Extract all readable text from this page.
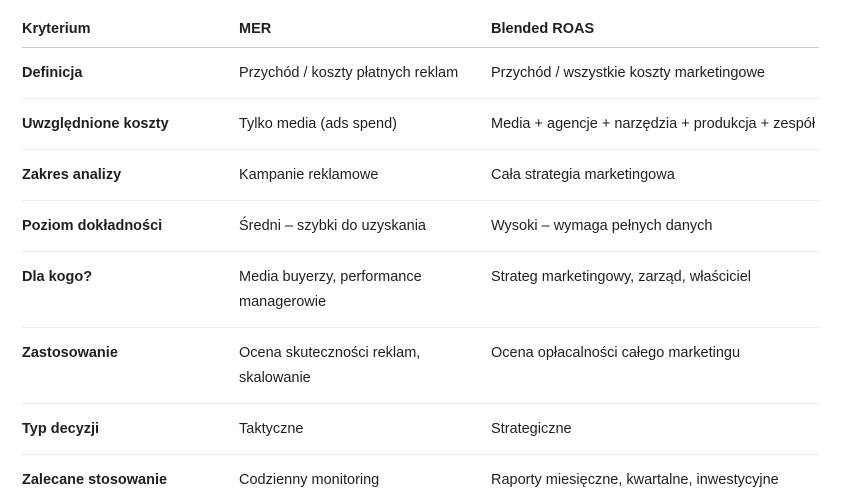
Kryterium	MER	Blended ROAS
Definicja	Przychód / koszty płatnych reklam	Przychód / wszystkie koszty marketingowe
Uwzględnione koszty	Tylko media (ads spend)	Media + agencje + narzędzia + produkcja + zespół
Zakres analizy	Kampanie reklamowe	Cała strategia marketingowa
Poziom dokładności	Średni – szybki do uzyskania	Wysoki – wymaga pełnych danych
Dla kogo?	Media buyerzy, performance managerowie	Strateg marketingowy, zarząd, właściciel
Zastosowanie	Ocena skuteczności reklam, skalowanie	Ocena opłacalności całego marketingu
Typ decyzji	Taktyczne	Strategiczne
Zalecane stosowanie	Codzienny monitoring	Raporty miesięczne, kwartalne, inwestycyjne
